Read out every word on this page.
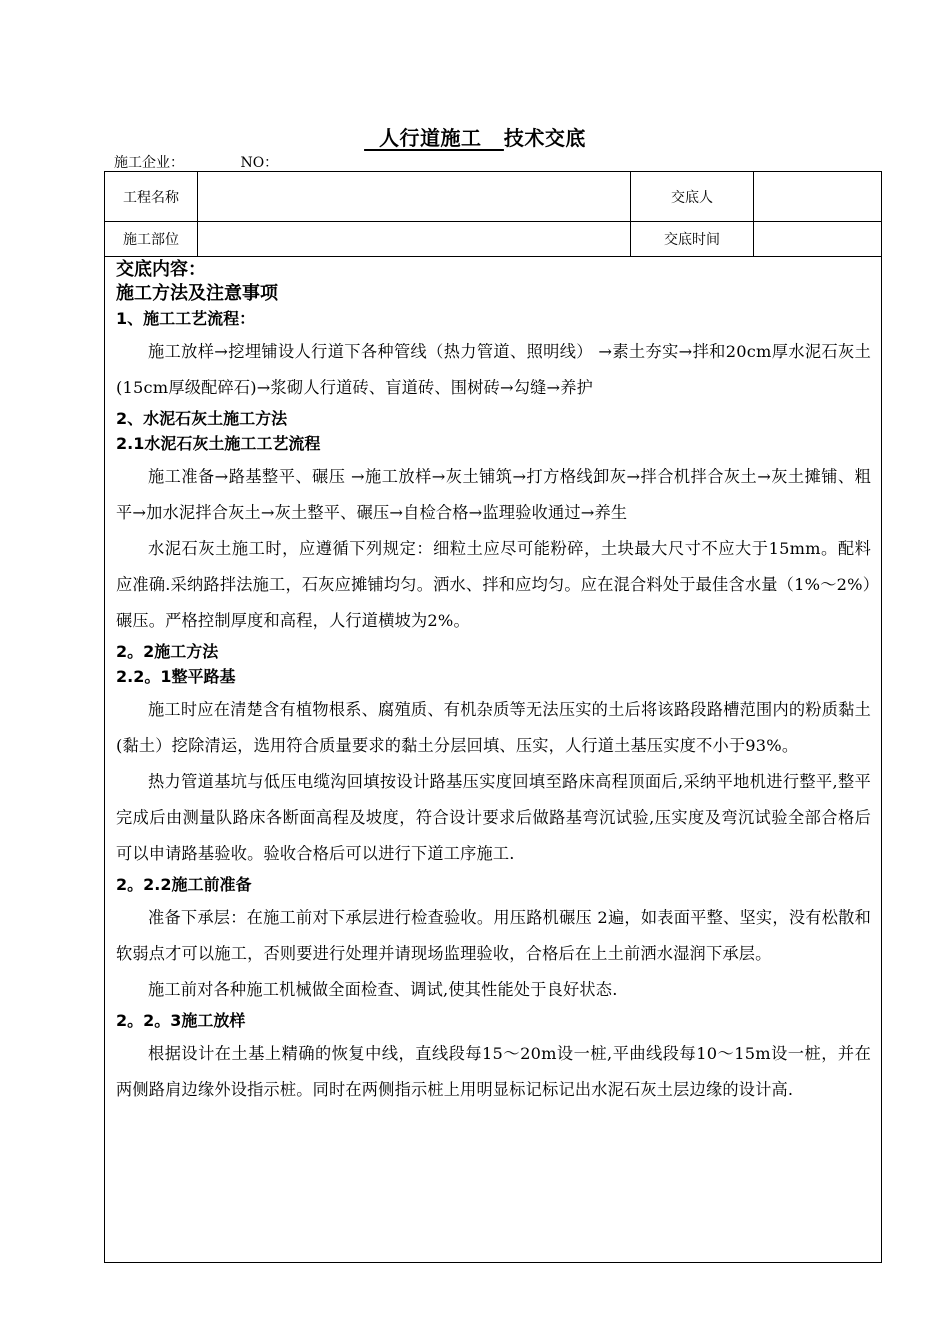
人行道施工   技术交底
施工企业：	NO：
工程名称		交底人	
施工部位		交底时间	
交底内容：
施工方法及注意事项
1、施工工艺流程：

施工放样→挖埋铺设人行道下各种管线（热力管道、照明线） →素土夯实→拌和20cm厚水泥石灰土(15cm厚级配碎石)→浆砌人行道砖、盲道砖、围树砖→勾缝→养护

2、水泥石灰土施工方法
2.1水泥石灰土施工工艺流程

施工准备→路基整平、碾压 →施工放样→灰土铺筑→打方格线卸灰→拌合机拌合灰土→灰土摊铺、粗平→加水泥拌合灰土→灰土整平、碾压→自检合格→监理验收通过→养生

水泥石灰土施工时，应遵循下列规定：细粒土应尽可能粉碎，土块最大尺寸不应大于15mm。配料应准确.采纳路拌法施工，石灰应摊铺均匀。洒水、拌和应均匀。应在混合料处于最佳含水量（1%～2%）碾压。严格控制厚度和高程，人行道横坡为2%。

2。2施工方法
2.2。1整平路基

施工时应在清楚含有植物根系、腐殖质、有机杂质等无法压实的土后将该路段路槽范围内的粉质黏土(黏土）挖除清运，选用符合质量要求的黏土分层回填、压实，人行道土基压实度不小于93%。

热力管道基坑与低压电缆沟回填按设计路基压实度回填至路床高程顶面后,采纳平地机进行整平,整平完成后由测量队路床各断面高程及坡度，符合设计要求后做路基弯沉试验,压实度及弯沉试验全部合格后可以申请路基验收。验收合格后可以进行下道工序施工.

2。2.2施工前准备

准备下承层：在施工前对下承层进行检查验收。用压路机碾压 2遍，如表面平整、坚实，没有松散和软弱点才可以施工，否则要进行处理并请现场监理验收，合格后在上土前洒水湿润下承层。

施工前对各种施工机械做全面检查、调试,使其性能处于良好状态.

2。2。3施工放样

根据设计在土基上精确的恢复中线，直线段每15～20m设一桩,平曲线段每10～15m设一桩，并在两侧路肩边缘外设指示桩。同时在两侧指示桩上用明显标记标记出水泥石灰土层边缘的设计高.
